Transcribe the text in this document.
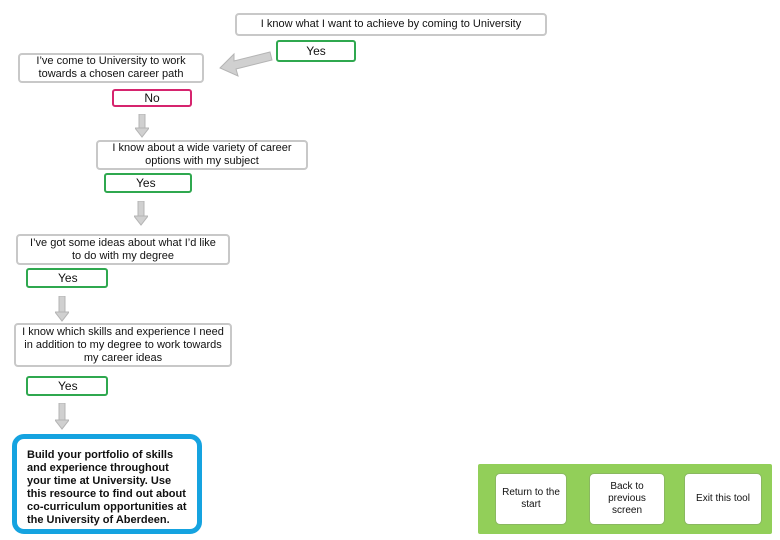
I know what I want to achieve by coming to University
Yes
I’ve come to University to work towards a chosen career path
No
I know about a wide variety of career options with my subject
Yes
I’ve got some ideas about what I’d like to do with my degree
Yes
I know which skills and experience I need in addition to my degree to work towards my career ideas
Yes
Build your portfolio of skills and experience throughout your time at University. Use this resource to find out about co-curriculum opportunities at the University of Aberdeen.
Return to the start
Back to previous screen
Exit this tool
